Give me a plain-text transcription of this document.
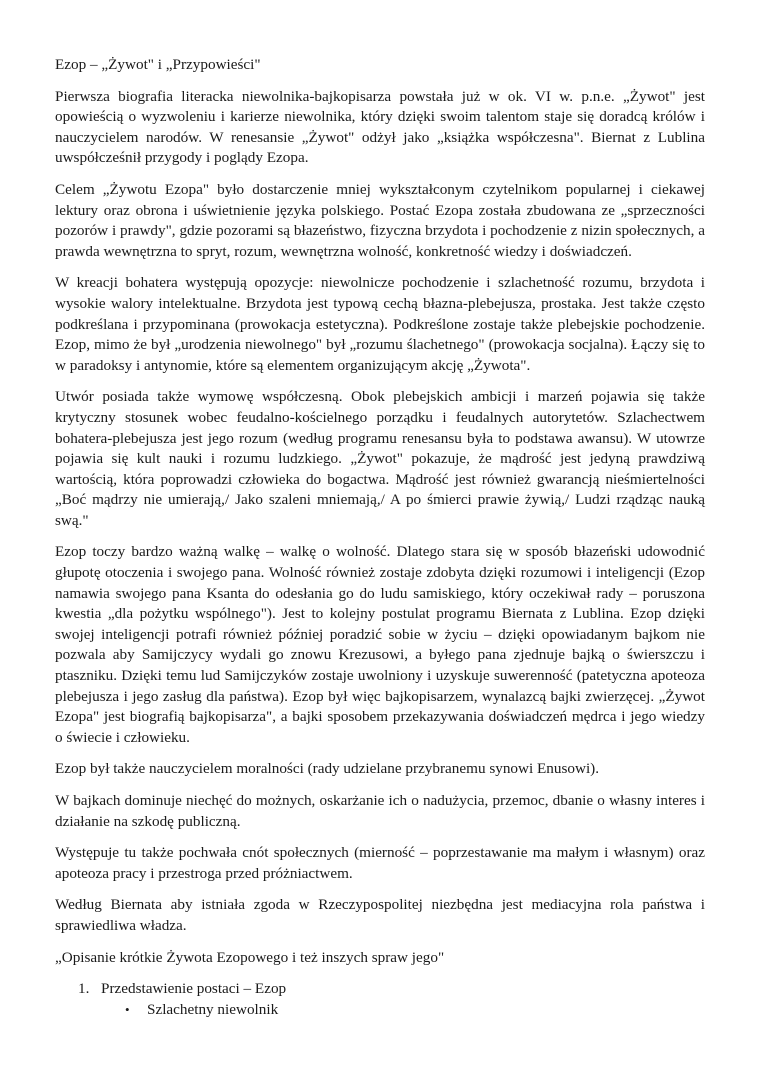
Ezop – „Żywot" i „Przypowieści"

Pierwsza biografia literacka niewolnika-bajkopisarza powstała już w ok. VI w. p.n.e. „Żywot" jest opowieścią o wyzwoleniu i karierze niewolnika, który dzięki swoim talentom staje się doradcą królów i nauczycielem narodów. W renesansie „Żywot" odżył jako „książka współczesna". Biernat z Lublina uwspółcześnił przygody i poglądy Ezopa.

Celem „Żywotu Ezopa" było dostarczenie mniej wykształconym czytelnikom popularnej i ciekawej lektury oraz obrona i uświetnienie języka polskiego. Postać Ezopa została zbudowana ze „sprzeczności pozorów i prawdy", gdzie pozorami są błazeństwo, fizyczna brzydota i pochodzenie z nizin społecznych, a prawda wewnętrzna to spryt, rozum, wewnętrzna wolność, konkretność wiedzy i doświadczeń.

W kreacji bohatera występują opozycje: niewolnicze pochodzenie i szlachetność rozumu, brzydota i wysokie walory intelektualne. Brzydota jest typową cechą błazna-plebejusza, prostaka. Jest także często podkreślana i przypominana (prowokacja estetyczna). Podkreślone zostaje także plebejskie pochodzenie. Ezop, mimo że był „urodzenia niewolnego" był „rozumu ślachetnego" (prowokacja socjalna). Łączy się to w paradoksy i antynomie, które są elementem organizującym akcję „Żywota".

Utwór posiada także wymowę współczesną. Obok plebejskich ambicji i marzeń pojawia się także krytyczny stosunek wobec feudalno-kościelnego porządku i feudalnych autorytetów. Szlachectwem bohatera-plebejusza jest jego rozum (według programu renesansu była to podstawa awansu). W utowrze pojawia się kult nauki i rozumu ludzkiego. „Żywot" pokazuje, że mądrość jest jedyną prawdziwą wartością, która poprowadzi człowieka do bogactwa. Mądrość jest również gwarancją nieśmiertelności „Boć mądrzy nie umierają,/ Jako szaleni mniemają,/ A po śmierci prawie żywią,/ Ludzi rządząc nauką swą."

Ezop toczy bardzo ważną walkę – walkę o wolność. Dlatego stara się w sposób błazeński udowodnić głupotę otoczenia i swojego pana. Wolność również zostaje zdobyta dzięki rozumowi i inteligencji (Ezop namawia swojego pana Ksanta do odesłania go do ludu samiskiego, który oczekiwał rady – poruszona kwestia „dla pożytku wspólnego"). Jest to kolejny postulat programu Biernata z Lublina. Ezop dzięki swojej inteligencji potrafi również później poradzić sobie w życiu – dzięki opowiadanym bajkom nie pozwala aby Samijczycy wydali go znowu Krezusowi, a byłego pana zjednuje bajką o świerszczu i ptaszniku. Dzięki temu lud Samijczyków zostaje uwolniony i uzyskuje suwerenność (patetyczna apoteoza plebejusza i jego zasług dla państwa). Ezop był więc bajkopisarzem, wynalazcą bajki zwierzęcej. „Żywot Ezopa" jest biografią bajkopisarza", a bajki sposobem przekazywania doświadczeń mędrca i jego wiedzy o świecie i człowieku.

Ezop był także nauczycielem moralności (rady udzielane przybranemu synowi Enusowi).

W bajkach dominuje niechęć do możnych, oskarżanie ich o nadużycia, przemoc, dbanie o własny interes i działanie na szkodę publiczną.

Występuje tu także pochwała cnót społecznych (mierność – poprzestawanie ma małym i własnym) oraz apoteoza pracy i przestroga przed próżniactwem.

Według Biernata aby istniała zgoda w Rzeczypospolitej niezbędna jest mediacyjna rola państwa i sprawiedliwa władza.

„Opisanie krótkie Żywota Ezopowego i też inszych spraw jego"

1. Przedstawienie postaci – Ezop
• Szlachetny niewolnik
